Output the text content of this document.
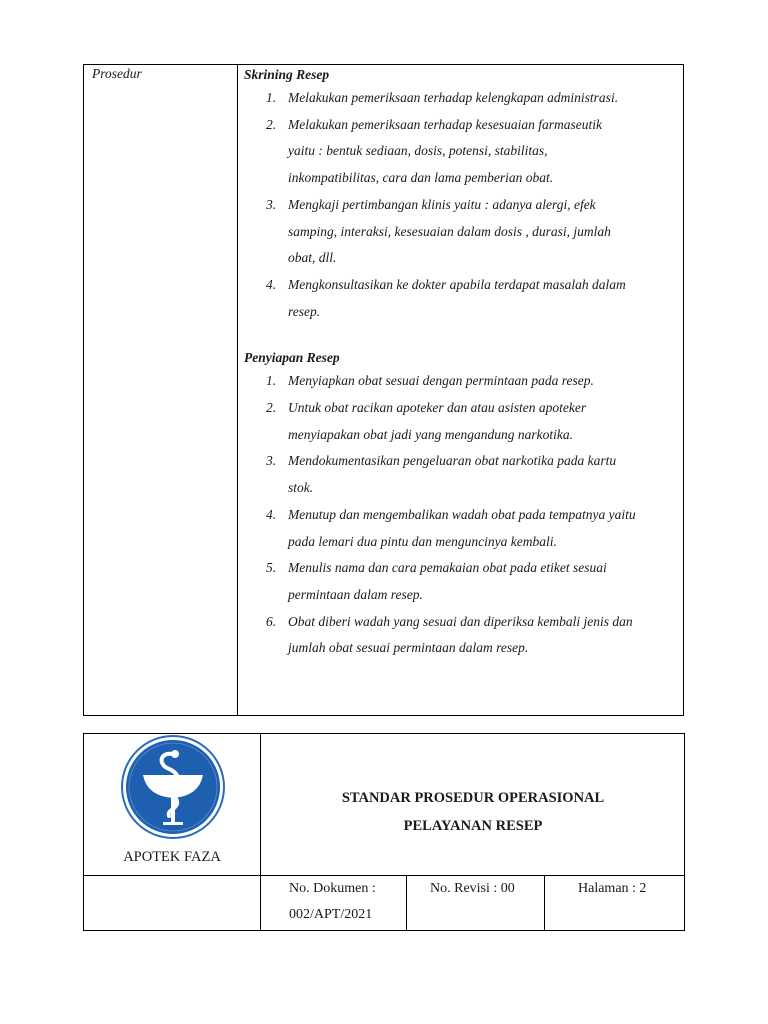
Prosedur	Skrining Resep
1. Melakukan pemeriksaan terhadap kelengkapan administrasi.
2. Melakukan pemeriksaan terhadap kesesuaian farmaseutik
yaitu : bentuk sediaan, dosis, potensi, stabilitas,
inkompatibilitas, cara dan lama pemberian obat.
3. Mengkaji pertimbangan klinis yaitu : adanya alergi, efek
samping, interaksi, kesesuaian dalam dosis , durasi, jumlah
obat, dll.
4. Mengkonsultasikan ke dokter apabila terdapat masalah dalam
resep.
Penyiapan Resep
1. Menyiapkan obat sesuai dengan permintaan pada resep.
2. Untuk obat racikan apoteker dan atau asisten apoteker
menyiapakan obat jadi yang mengandung narkotika.
3. Mendokumentasikan pengeluaran obat narkotika pada kartu
stok.
4. Menutup dan mengembalikan wadah obat pada tempatnya yaitu
pada lemari dua pintu dan menguncinya kembali.
5. Menulis nama dan cara pemakaian obat pada etiket sesuai
permintaan dalam resep.
6. Obat diberi wadah yang sesuai dan diperiksa kembali jenis dan
jumlah obat sesuai permintaan dalam resep.
APOTEK FAZA
STANDAR PROSEDUR OPERASIONAL
PELAYANAN RESEP
No. Dokumen :
002/APT/2021
No. Revisi : 00	Halaman : 2
